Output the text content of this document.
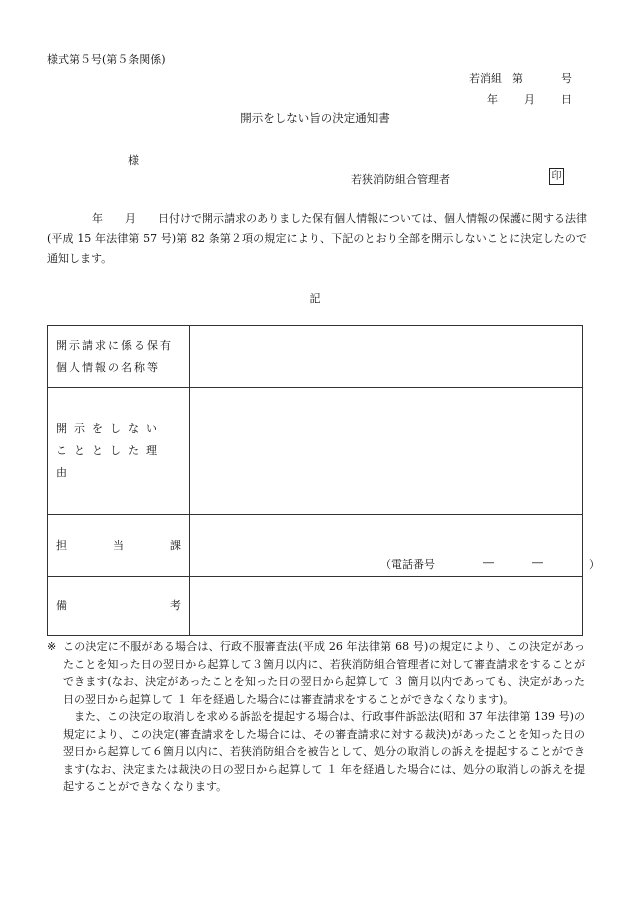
様式第５号(第５条関係)
若消組 第	号
年 月 日
開示をしない旨の決定通知書
様
若狭消防組合管理者	印
年 月 日付けで開示請求のありました保有個人情報については、個人情報の保護に関する法律(平成 15 年法律第 57 号)第 82 条第２項の規定により、下記のとおり全部を開示しないことに決定したので通知します。
記
開示請求に係る保有
個人情報の名称等	

開示をしない
こととした理由	

担 当 課	（電話番号 ― ― ）

備 考	

※ この決定に不服がある場合は、行政不服審査法(平成 26 年法律第 68 号)の規定により、この決定があったことを知った日の翌日から起算して３箇月以内に、若狭消防組合管理者に対して審査請求をすることができます(なお、決定があったことを知った日の翌日から起算して ３ 箇月以内であっても、決定があった日の翌日から起算して １ 年を経過した場合には審査請求をすることができなくなります)。
また、この決定の取消しを求める訴訟を提起する場合は、行政事件訴訟法(昭和 37 年法律第 139 号)の規定により、この決定(審査請求をした場合には、その審査請求に対する裁決)があったことを知った日の翌日から起算して６箇月以内に、若狭消防組合を被告として、処分の取消しの訴えを提起することができます(なお、決定または裁決の日の翌日から起算して １ 年を経過した場合には、処分の取消しの訴えを提起することができなくなります。
